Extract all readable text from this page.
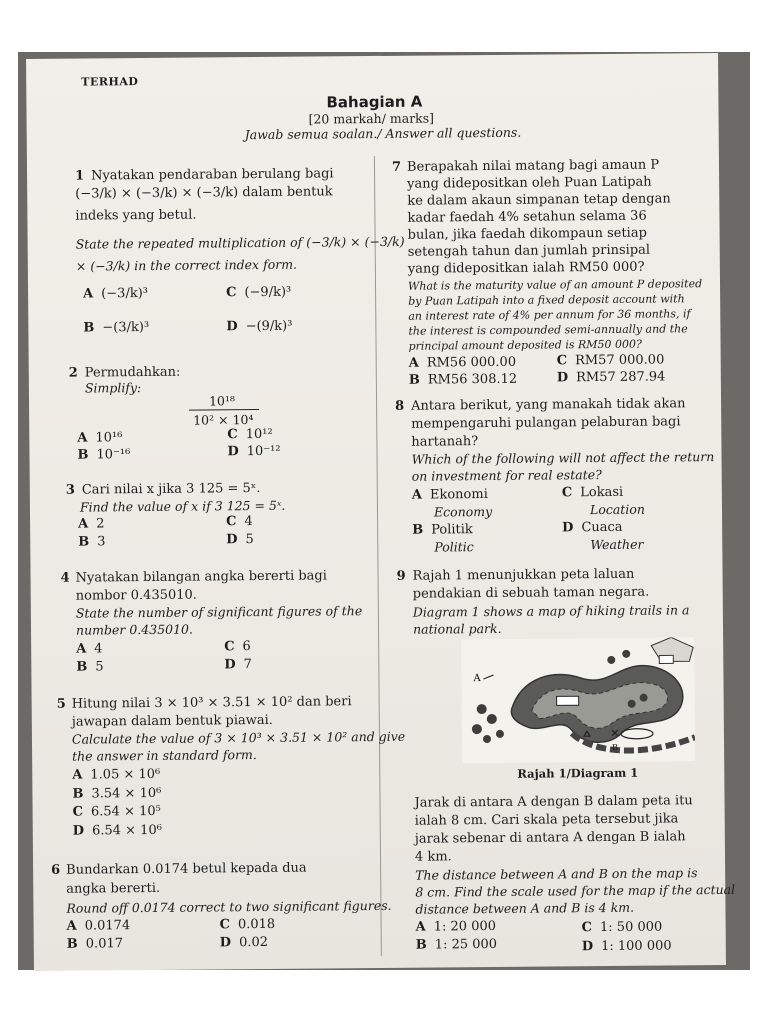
TERHAD
Bahagian A
[20 markah/ marks]
Jawab semua soalan./ Answer all questions.
1 Nyatakan pendaraban berulang bagi
(−3/k) × (−3/k) × (−3/k) dalam bentuk
indeks yang betul.
State the repeated multiplication of (−3/k) × (−3/k)
× (−3/k) in the correct index form.
A (−3/k)³	C (−9/k)³
B −(3/k)³	D −(9/k)³
2 Permudahkan:
Simplify:
10¹⁸
10² × 10⁴
A 10¹⁶	C 10¹²
B 10⁻¹⁶	D 10⁻¹²
3 Cari nilai x jika 3 125 = 5ˣ.
Find the value of x if 3 125 = 5ˣ.
A 2	C 4
B 3	D 5
4 Nyatakan bilangan angka bererti bagi
nombor 0.435010.
State the number of significant figures of the
number 0.435010.
A 4	C 6
B 5	D 7
5 Hitung nilai 3 × 10³ × 3.51 × 10² dan beri
jawapan dalam bentuk piawai.
Calculate the value of 3 × 10³ × 3.51 × 10² and give
the answer in standard form.
A 1.05 × 10⁶
B 3.54 × 10⁶
C 6.54 × 10⁵
D 6.54 × 10⁶
6 Bundarkan 0.0174 betul kepada dua
angka bererti.
Round off 0.0174 correct to two significant figures.
A 0.0174	C 0.018
B 0.017	D 0.02
7 Berapakah nilai matang bagi amaun P
yang didepositkan oleh Puan Latipah
ke dalam akaun simpanan tetap dengan
kadar faedah 4% setahun selama 36
bulan, jika faedah dikompaun setiap
setengah tahun dan jumlah prinsipal
yang didepositkan ialah RM50 000?
What is the maturity value of an amount P deposited
by Puan Latipah into a fixed deposit account with
an interest rate of 4% per annum for 36 months, if
the interest is compounded semi-annually and the
principal amount deposited is RM50 000?
A RM56 000.00	C RM57 000.00
B RM56 308.12	D RM57 287.94
8 Antara berikut, yang manakah tidak akan
mempengaruhi pulangan pelaburan bagi
hartanah?
Which of the following will not affect the return
on investment for real estate?
A Ekonomi
Economy
C Lokasi
Location
B Politik
Politic
D Cuaca
Weather
9 Rajah 1 menunjukkan peta laluan
pendakian di sebuah taman negara.
Diagram 1 shows a map of hiking trails in a
national park.
A
B
Rajah 1/Diagram 1
Jarak di antara A dengan B dalam peta itu
ialah 8 cm. Cari skala peta tersebut jika
jarak sebenar di antara A dengan B ialah
4 km.
The distance between A and B on the map is
8 cm. Find the scale used for the map if the actual
distance between A and B is 4 km.
A 1: 20 000	C 1: 50 000
B 1: 25 000	D 1: 100 000
